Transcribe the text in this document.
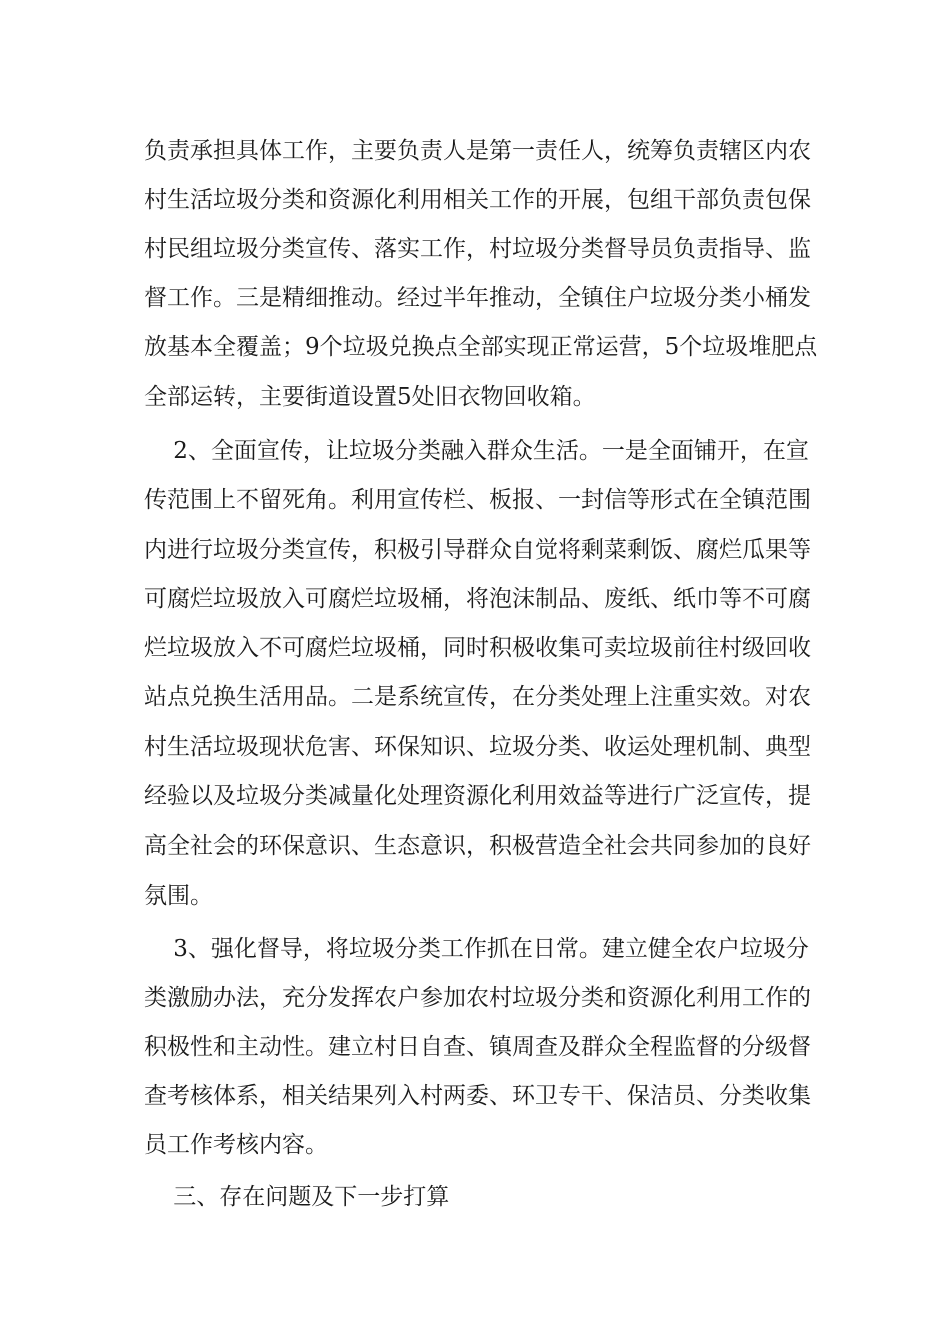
负责承担具体工作，主要负责人是第一责任人，统筹负责辖区内农
村生活垃圾分类和资源化利用相关工作的开展，包组干部负责包保
村民组垃圾分类宣传、落实工作，村垃圾分类督导员负责指导、监
督工作。三是精细推动。经过半年推动，全镇住户垃圾分类小桶发
放基本全覆盖；9个垃圾兑换点全部实现正常运营，5个垃圾堆肥点
全部运转，主要街道设置5处旧衣物回收箱。
2、全面宣传，让垃圾分类融入群众生活。一是全面铺开，在宣
传范围上不留死角。利用宣传栏、板报、一封信等形式在全镇范围
内进行垃圾分类宣传，积极引导群众自觉将剩菜剩饭、腐烂瓜果等
可腐烂垃圾放入可腐烂垃圾桶，将泡沫制品、废纸、纸巾等不可腐
烂垃圾放入不可腐烂垃圾桶，同时积极收集可卖垃圾前往村级回收
站点兑换生活用品。二是系统宣传，在分类处理上注重实效。对农
村生活垃圾现状危害、环保知识、垃圾分类、收运处理机制、典型
经验以及垃圾分类减量化处理资源化利用效益等进行广泛宣传，提
高全社会的环保意识、生态意识，积极营造全社会共同参加的良好
氛围。
3、强化督导，将垃圾分类工作抓在日常。建立健全农户垃圾分
类激励办法，充分发挥农户参加农村垃圾分类和资源化利用工作的
积极性和主动性。建立村日自查、镇周查及群众全程监督的分级督
查考核体系，相关结果列入村两委、环卫专干、保洁员、分类收集
员工作考核内容。
三、存在问题及下一步打算
